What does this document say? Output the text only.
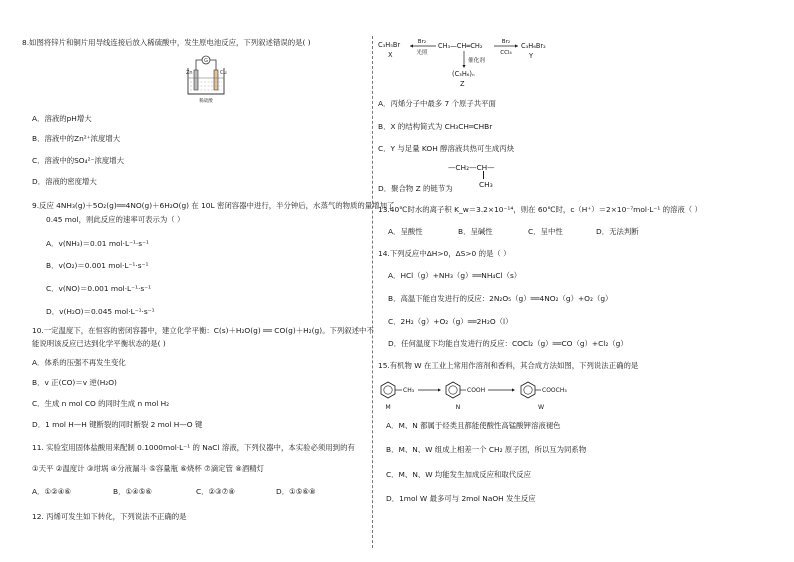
8.如图将锌片和铜片用导线连接后放入稀硫酸中，发生原电池反应，下列叙述错误的是( )
G
Zn	Cu
稀硫酸
A．溶液的pH增大
B．溶液中的Zn²⁺浓度增大
C．溶液中的SO₄²⁻浓度增大
D．溶液的密度增大
9.反应 4NH₃(g)＋5O₂(g)══4NO(g)＋6H₂O(g) 在 10L 密闭容器中进行，半分钟后，水蒸气的物质的量增加了
0.45 mol，则此反应的速率可表示为（ ）
A．v(NH₃)＝0.01 mol·L⁻¹·s⁻¹
B．v(O₂)＝0.001 mol·L⁻¹·s⁻¹
C．v(NO)＝0.001 mol·L⁻¹·s⁻¹
D．v(H₂O)＝0.045 mol·L⁻¹·s⁻¹
10.一定温度下，在恒容的密闭容器中，建立化学平衡：C(s)＋H₂O(g) ══ CO(g)＋H₂(g)。下列叙述中不
能说明该反应已达到化学平衡状态的是( )
A．体系的压强不再发生变化
B．v 正(CO)＝v 逆(H₂O)
C．生成 n mol CO 的同时生成 n mol H₂
D．1 mol H—H 键断裂的同时断裂 2 mol H—O 键
11. 实验室用固体盐酸用来配制 0.1000mol·L⁻¹ 的 NaCl 溶液，下列仪器中，本实验必须用到的有
①天平 ②温度计 ③坩埚 ④分液漏斗 ⑤容量瓶 ⑥烧杯 ⑦滴定管 ⑧酒精灯
A．①②④⑥	B．①④⑤⑥	C．②③⑦⑧	D．①⑤⑥⑧
12. 丙烯可发生如下转化，下列说法不正确的是
C₃H₅Br
X
Br₂
光照
CH₃—CH═CH₂	Br₂
CCl₄
C₃H₆Br₂
Y
催化剂
(C₃H₆)ₙ
Z
A．丙烯分子中最多 7 个原子共平面
B．X 的结构简式为 CH₃CH═CHBr
C．Y 与足量 KOH 醇溶液共热可生成丙炔
—CH₂—CH—
CH₃
D．聚合物 Z 的链节为
13.40℃时水的离子积 K_w＝3.2×10⁻¹⁴，则在 60℃时，c（H⁺）＝2×10⁻⁷mol·L⁻¹ 的溶液（ ）
A．呈酸性	B．呈碱性	C．呈中性	D．无法判断
14.下列反应中ΔH>0，ΔS>0 的是（ ）
A．HCl（g）+NH₃（g）══NH₄Cl（s）
B．高温下能自发进行的反应：2N₂O₅（g）══4NO₂（g）+O₂（g）
C．2H₂（g）+O₂（g）══2H₂O（l）
D．任何温度下均能自发进行的反应：COCl₂（g）══CO（g）+Cl₂（g）
15.有机物 W 在工业上常用作溶剂和香料，其合成方法如图，下列说法正确的是
CH₃
M
COOH
N
COOCH₃
W
A．M、N 都属于烃类且都能使酸性高锰酸钾溶液褪色
B．M、N、W 组成上相差一个 CH₂ 原子团，所以互为同系物
C．M、N、W 均能发生加成反应和取代反应
D．1mol W 最多可与 2mol NaOH 发生反应
